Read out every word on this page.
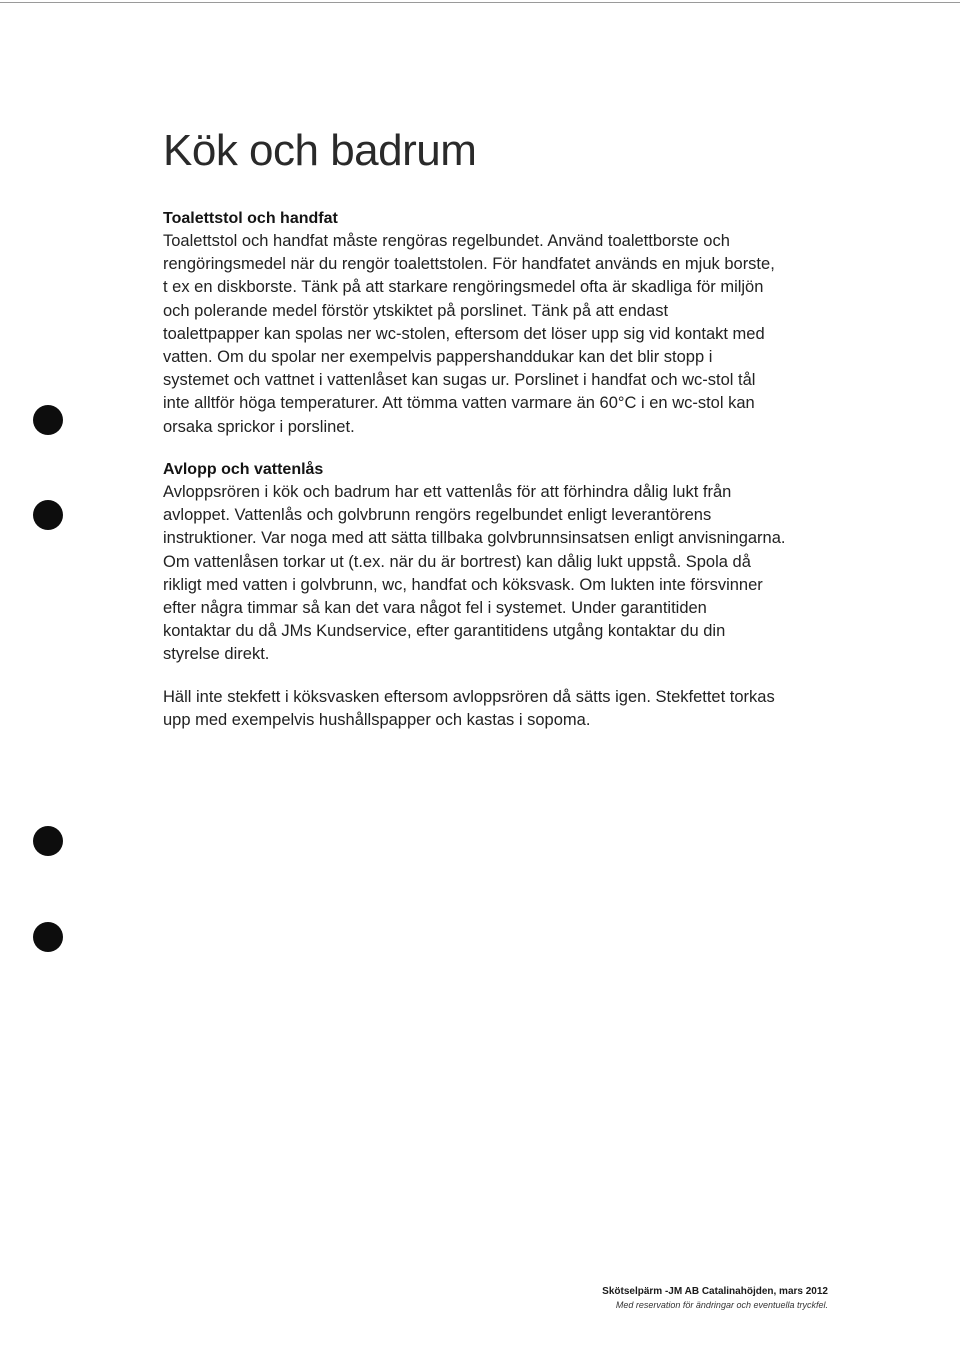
Kök och badrum
Toalettstol och handfat

Toalettstol och handfat måste rengöras regelbundet. Använd toalettborste och
rengöringsmedel när du rengör toalettstolen. För handfatet används en mjuk borste,
t ex en diskborste. Tänk på att starkare rengöringsmedel ofta är skadliga för miljön
och polerande medel förstör ytskiktet på porslinet. Tänk på att endast
toalettpapper kan spolas ner wc-stolen, eftersom det löser upp sig vid kontakt med
vatten. Om du spolar ner exempelvis pappershanddukar kan det blir stopp i
systemet och vattnet i vattenlåset kan sugas ur. Porslinet i handfat och wc-stol tål
inte alltför höga temperaturer. Att tömma vatten varmare än 60°C i en wc-stol kan
orsaka sprickor i porslinet.

Avlopp och vattenlås

Avloppsrören i kök och badrum har ett vattenlås för att förhindra dålig lukt från
avloppet. Vattenlås och golvbrunn rengörs regelbundet enligt leverantörens
instruktioner. Var noga med att sätta tillbaka golvbrunnsinsatsen enligt anvisningarna.
Om vattenlåsen torkar ut (t.ex. när du är bortrest) kan dålig lukt uppstå. Spola då
rikligt med vatten i golvbrunn, wc, handfat och köksvask. Om lukten inte försvinner
efter några timmar så kan det vara något fel i systemet. Under garantitiden
kontaktar du då JMs Kundservice, efter garantitidens utgång kontaktar du din
styrelse direkt.

Häll inte stekfett i köksvasken eftersom avloppsrören då sätts igen. Stekfettet torkas
upp med exempelvis hushållspapper och kastas i sopoma.

Skötselpärm -JM AB Catalinahöjden, mars 2012
Med reservation för ändringar och eventuella tryckfel.
